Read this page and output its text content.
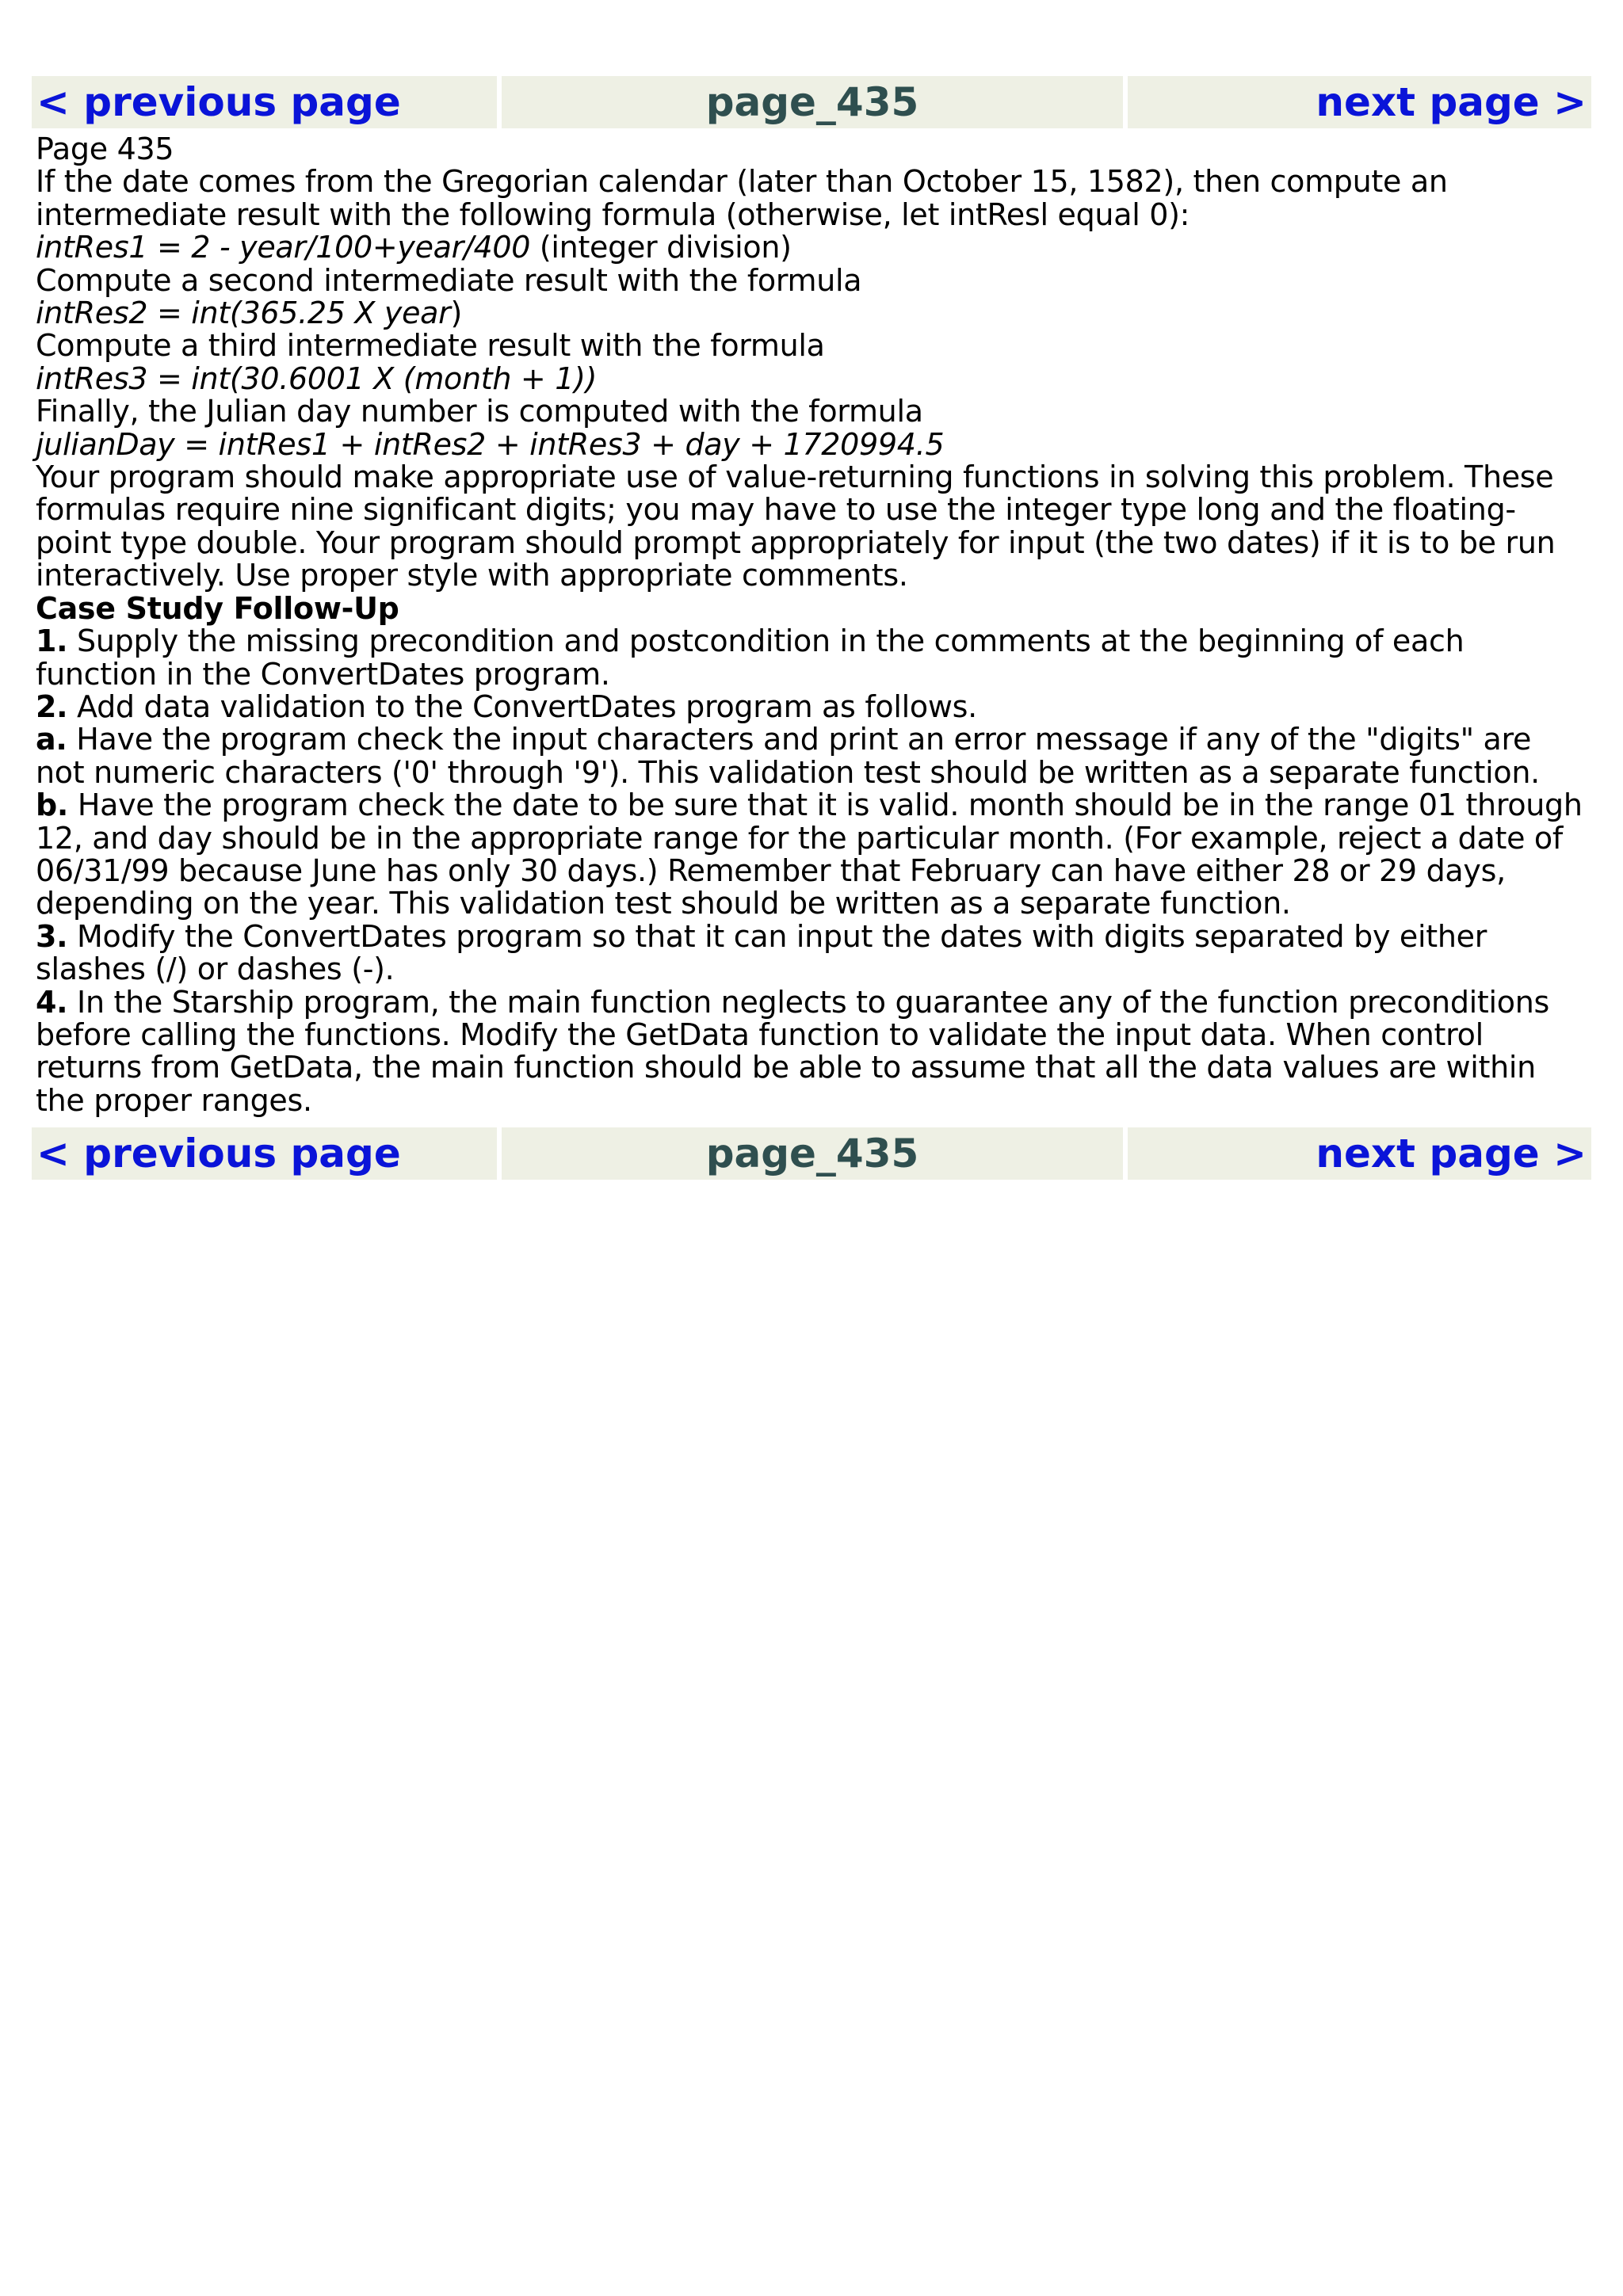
< previous page	page_435	next page >

Page 435

If the date comes from the Gregorian calendar (later than October 15, 1582), then compute an intermediate result with the following formula (otherwise, let intResl equal 0):

intRes1 = 2 - year/100+year/400 (integer division)

Compute a second intermediate result with the formula

intRes2 = int(365.25 X year)

Compute a third intermediate result with the formula

intRes3 = int(30.6001 X (month + 1))

Finally, the Julian day number is computed with the formula

julianDay = intRes1 + intRes2 + intRes3 + day + 1720994.5

Your program should make appropriate use of value-returning functions in solving this problem. These formulas require nine significant digits; you may have to use the integer type long and the floating-point type double. Your program should prompt appropriately for input (the two dates) if it is to be run interactively. Use proper style with appropriate comments.

Case Study Follow-Up

1. Supply the missing precondition and postcondition in the comments at the beginning of each function in the ConvertDates program.

2. Add data validation to the ConvertDates program as follows.

a. Have the program check the input characters and print an error message if any of the "digits" are not numeric characters ('0' through '9'). This validation test should be written as a separate function.

b. Have the program check the date to be sure that it is valid. month should be in the range 01 through 12, and day should be in the appropriate range for the particular month. (For example, reject a date of 06/31/99 because June has only 30 days.) Remember that February can have either 28 or 29 days, depending on the year. This validation test should be written as a separate function.

3. Modify the ConvertDates program so that it can input the dates with digits separated by either slashes (/) or dashes (-).

4. In the Starship program, the main function neglects to guarantee any of the function preconditions before calling the functions. Modify the GetData function to validate the input data. When control returns from GetData, the main function should be able to assume that all the data values are within the proper ranges.

< previous page	page_435	next page >
